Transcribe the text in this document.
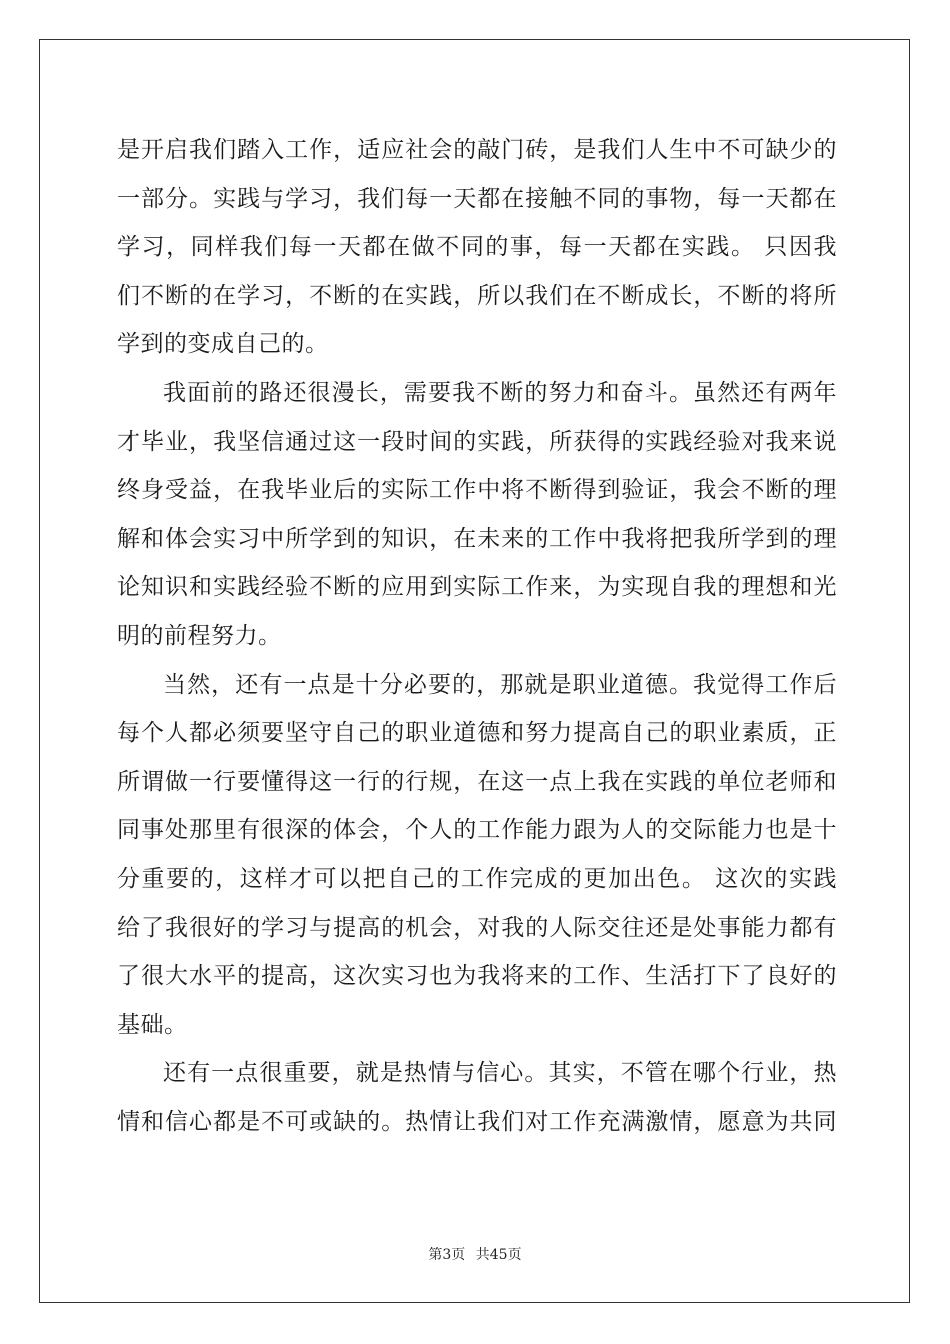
是开启我们踏入工作，适应社会的敲门砖，是我们人生中不可缺少的
一部分。实践与学习，我们每一天都在接触不同的事物，每一天都在
学习，同样我们每一天都在做不同的事，每一天都在实践。 只因我
们不断的在学习，不断的在实践，所以我们在不断成长，不断的将所
学到的变成自己的。
我面前的路还很漫长，需要我不断的努力和奋斗。虽然还有两年
才毕业，我坚信通过这一段时间的实践，所获得的实践经验对我来说
终身受益，在我毕业后的实际工作中将不断得到验证，我会不断的理
解和体会实习中所学到的知识，在未来的工作中我将把我所学到的理
论知识和实践经验不断的应用到实际工作来，为实现自我的理想和光
明的前程努力。
当然，还有一点是十分必要的，那就是职业道德。我觉得工作后
每个人都必须要坚守自己的职业道德和努力提高自己的职业素质，正
所谓做一行要懂得这一行的行规，在这一点上我在实践的单位老师和
同事处那里有很深的体会，个人的工作能力跟为人的交际能力也是十
分重要的，这样才可以把自己的工作完成的更加出色。 这次的实践
给了我很好的学习与提高的机会，对我的人际交往还是处事能力都有
了很大水平的提高，这次实习也为我将来的工作、生活打下了良好的
基础。
还有一点很重要，就是热情与信心。其实，不管在哪个行业，热
情和信心都是不可或缺的。热情让我们对工作充满激情，愿意为共同
第3页 共45页
